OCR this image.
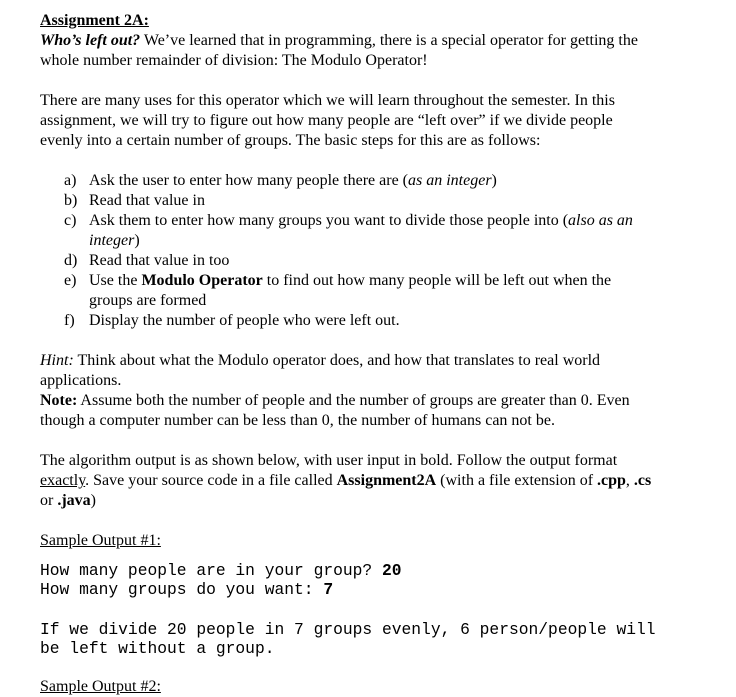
Assignment 2A:
Who’s left out? We’ve learned that in programming, there is a special operator for getting the
whole number remainder of division: The Modulo Operator!
There are many uses for this operator which we will learn throughout the semester. In this
assignment, we will try to figure out how many people are “left over” if we divide people
evenly into a certain number of groups. The basic steps for this are as follows:
a) Ask the user to enter how many people there are (as an integer)
b) Read that value in
c) Ask them to enter how many groups you want to divide those people into (also as an
integer)
d) Read that value in too
e) Use the Modulo Operator to find out how many people will be left out when the
groups are formed
f) Display the number of people who were left out.
Hint: Think about what the Modulo operator does, and how that translates to real world
applications.
Note: Assume both the number of people and the number of groups are greater than 0. Even
though a computer number can be less than 0, the number of humans can not be.
The algorithm output is as shown below, with user input in bold. Follow the output format
exactly. Save your source code in a file called Assignment2A (with a file extension of .cpp, .cs
or .java)
Sample Output #1:
How many people are in your group? 20
How many groups do you want: 7
If we divide 20 people in 7 groups evenly, 6 person/people will
be left without a group.
Sample Output #2:
